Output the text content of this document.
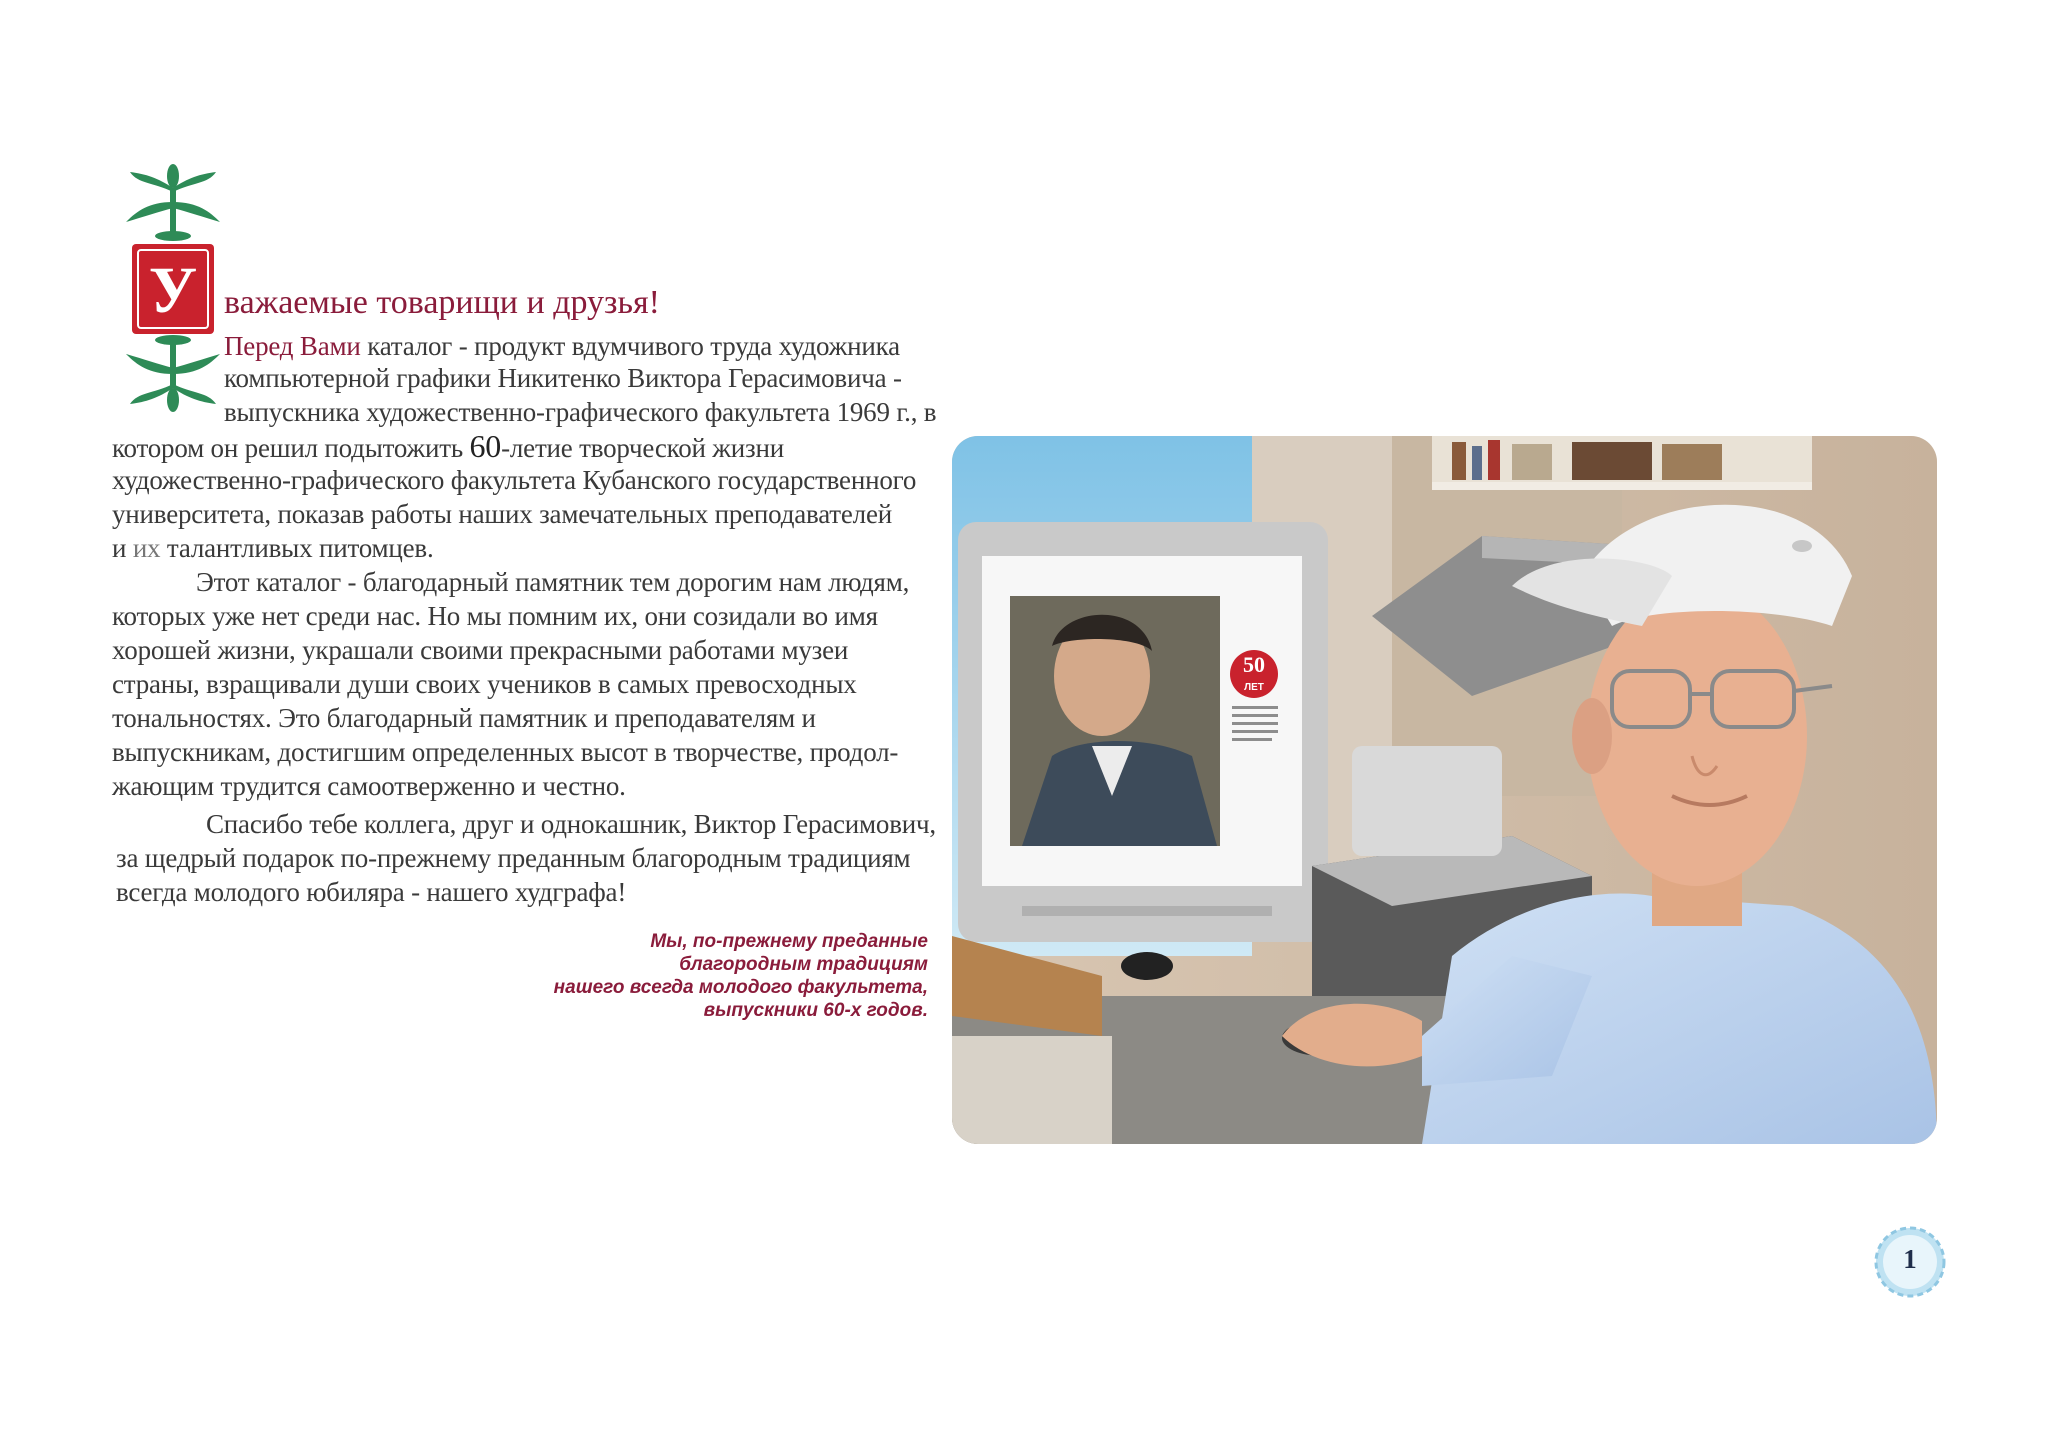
У важаемые товарищи и друзья!
Перед Вами каталог - продукт вдумчивого труда художника
компьютерной графики Никитенко Виктора Герасимовича -
выпускника художественно-графического факультета 1969 г., в
котором он решил подытожить 60-летие творческой жизни
художественно-графического факультета Кубанского государственного
университета, показав работы наших замечательных преподавателей
и их талантливых питомцев.
Этот каталог - благодарный памятник тем дорогим нам людям,
которых уже нет среди нас. Но мы помним их, они созидали во имя
хорошей жизни, украшали своими прекрасными работами музеи
страны, взращивали души своих учеников в самых превосходных
тональностях. Это благодарный памятник и преподавателям и
выпускникам, достигшим определенных высот в творчестве, продол-
жающим трудится самоотверженно и честно.
Спасибо тебе коллега, друг и однокашник, Виктор Герасимович,
за щедрый подарок по-прежнему преданным благородным традициям
всегда молодого юбиляра - нашего худграфа!
Мы, по-прежнему преданные
благородным традициям
нашего всегда молодого факультета,
выпускники 60-х годов.
50
ЛЕТ
1
